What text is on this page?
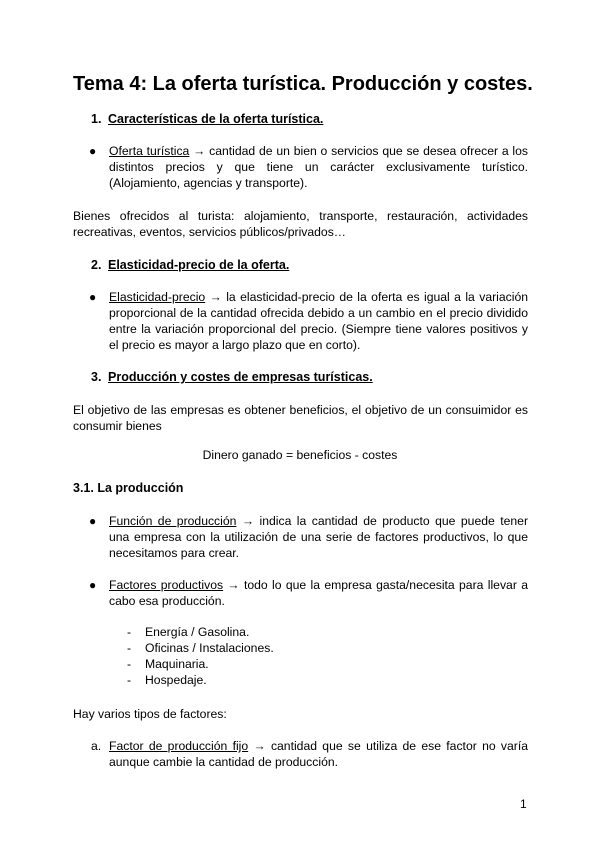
Tema 4: La oferta turística. Producción y costes.
1. Características de la oferta turística.
● Oferta turística → cantidad de un bien o servicios que se desea ofrecer a los distintos precios y que tiene un carácter exclusivamente turístico. (Alojamiento, agencias y transporte).
Bienes ofrecidos al turista: alojamiento, transporte, restauración, actividades recreativas, eventos, servicios públicos/privados…
2. Elasticidad-precio de la oferta.
● Elasticidad-precio → la elasticidad-precio de la oferta es igual a la variación proporcional de la cantidad ofrecida debido a un cambio en el precio dividido entre la variación proporcional del precio. (Siempre tiene valores positivos y el precio es mayor a largo plazo que en corto).
3. Producción y costes de empresas turísticas.
El objetivo de las empresas es obtener beneficios, el objetivo de un consuimidor es consumir bienes
Dinero ganado = beneficios - costes
3.1. La producción
● Función de producción → indica la cantidad de producto que puede tener una empresa con la utilización de una serie de factores productivos, lo que necesitamos para crear.
● Factores productivos → todo lo que la empresa gasta/necesita para llevar a cabo esa producción.
-	Energía / Gasolina.
-	Oficinas / Instalaciones.
-	Maquinaria.
-	Hospedaje.
Hay varios tipos de factores:
a. Factor de producción fijo → cantidad que se utiliza de ese factor no varía aunque cambie la cantidad de producción.
1
